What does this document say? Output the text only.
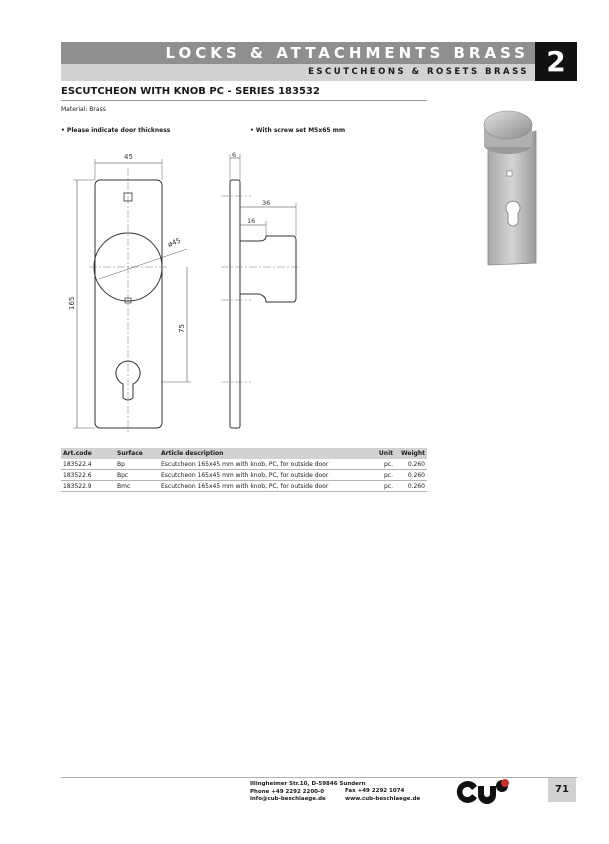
LOCKS & ATTACHMENTS BRASS
ESCUTCHEONS & ROSETS BRASS 2
ESCUTCHEON WITH KNOB PC - SERIES 183532
Material: Brass
• Please indicate door thickness	• With screw set M5x65 mm
45
165
75
ø45
6
36
16
Art.code	Surface	Article description	Unit	Weight
183522.4	Bp	Escutcheon 165x45 mm with knob, PC, for outside door	pc.	0.260
183522.6	Bpc	Escutcheon 165x45 mm with knob, PC, for outside door	pc.	0.260
183522.9	Bmc	Escutcheon 165x45 mm with knob, PC, for outside door	pc.	0.260
Illingheimer Str.10, D-59846 Sundern
Phone +49 2292 2200-0
info@cub-beschlaege.de
Fax +49 2292 1074
www.cub-beschlaege.de
71
